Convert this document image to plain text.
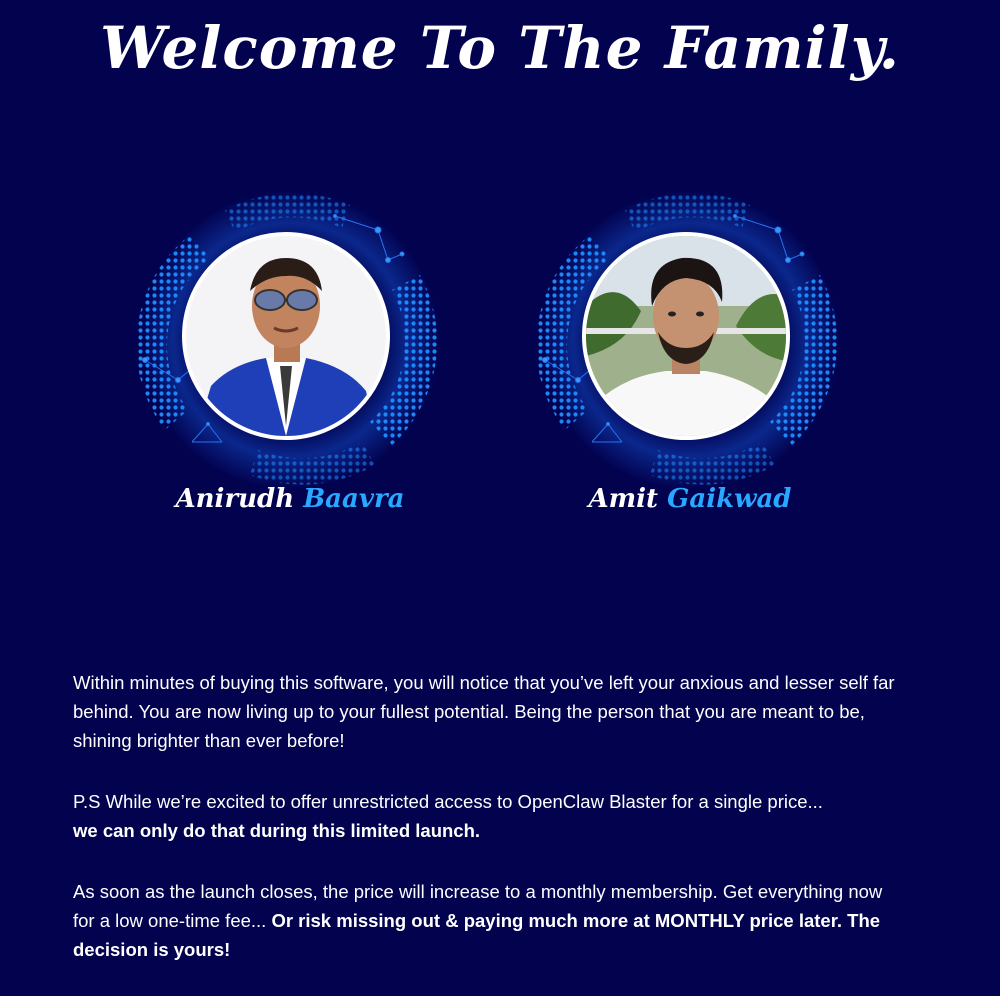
Welcome To The Family.
Anirudh Baavra	Amit Gaikwad

Within minutes of buying this software, you will notice that you’ve left your anxious and lesser self far behind. You are now living up to your fullest potential. Being the person that you are meant to be, shining brighter than ever before!

P.S While we’re excited to offer unrestricted access to OpenClaw Blaster for a single price...
we can only do that during this limited launch.

As soon as the launch closes, the price will increase to a monthly membership. Get everything now for a low one-time fee... Or risk missing out & paying much more at MONTHLY price later. The decision is yours!
